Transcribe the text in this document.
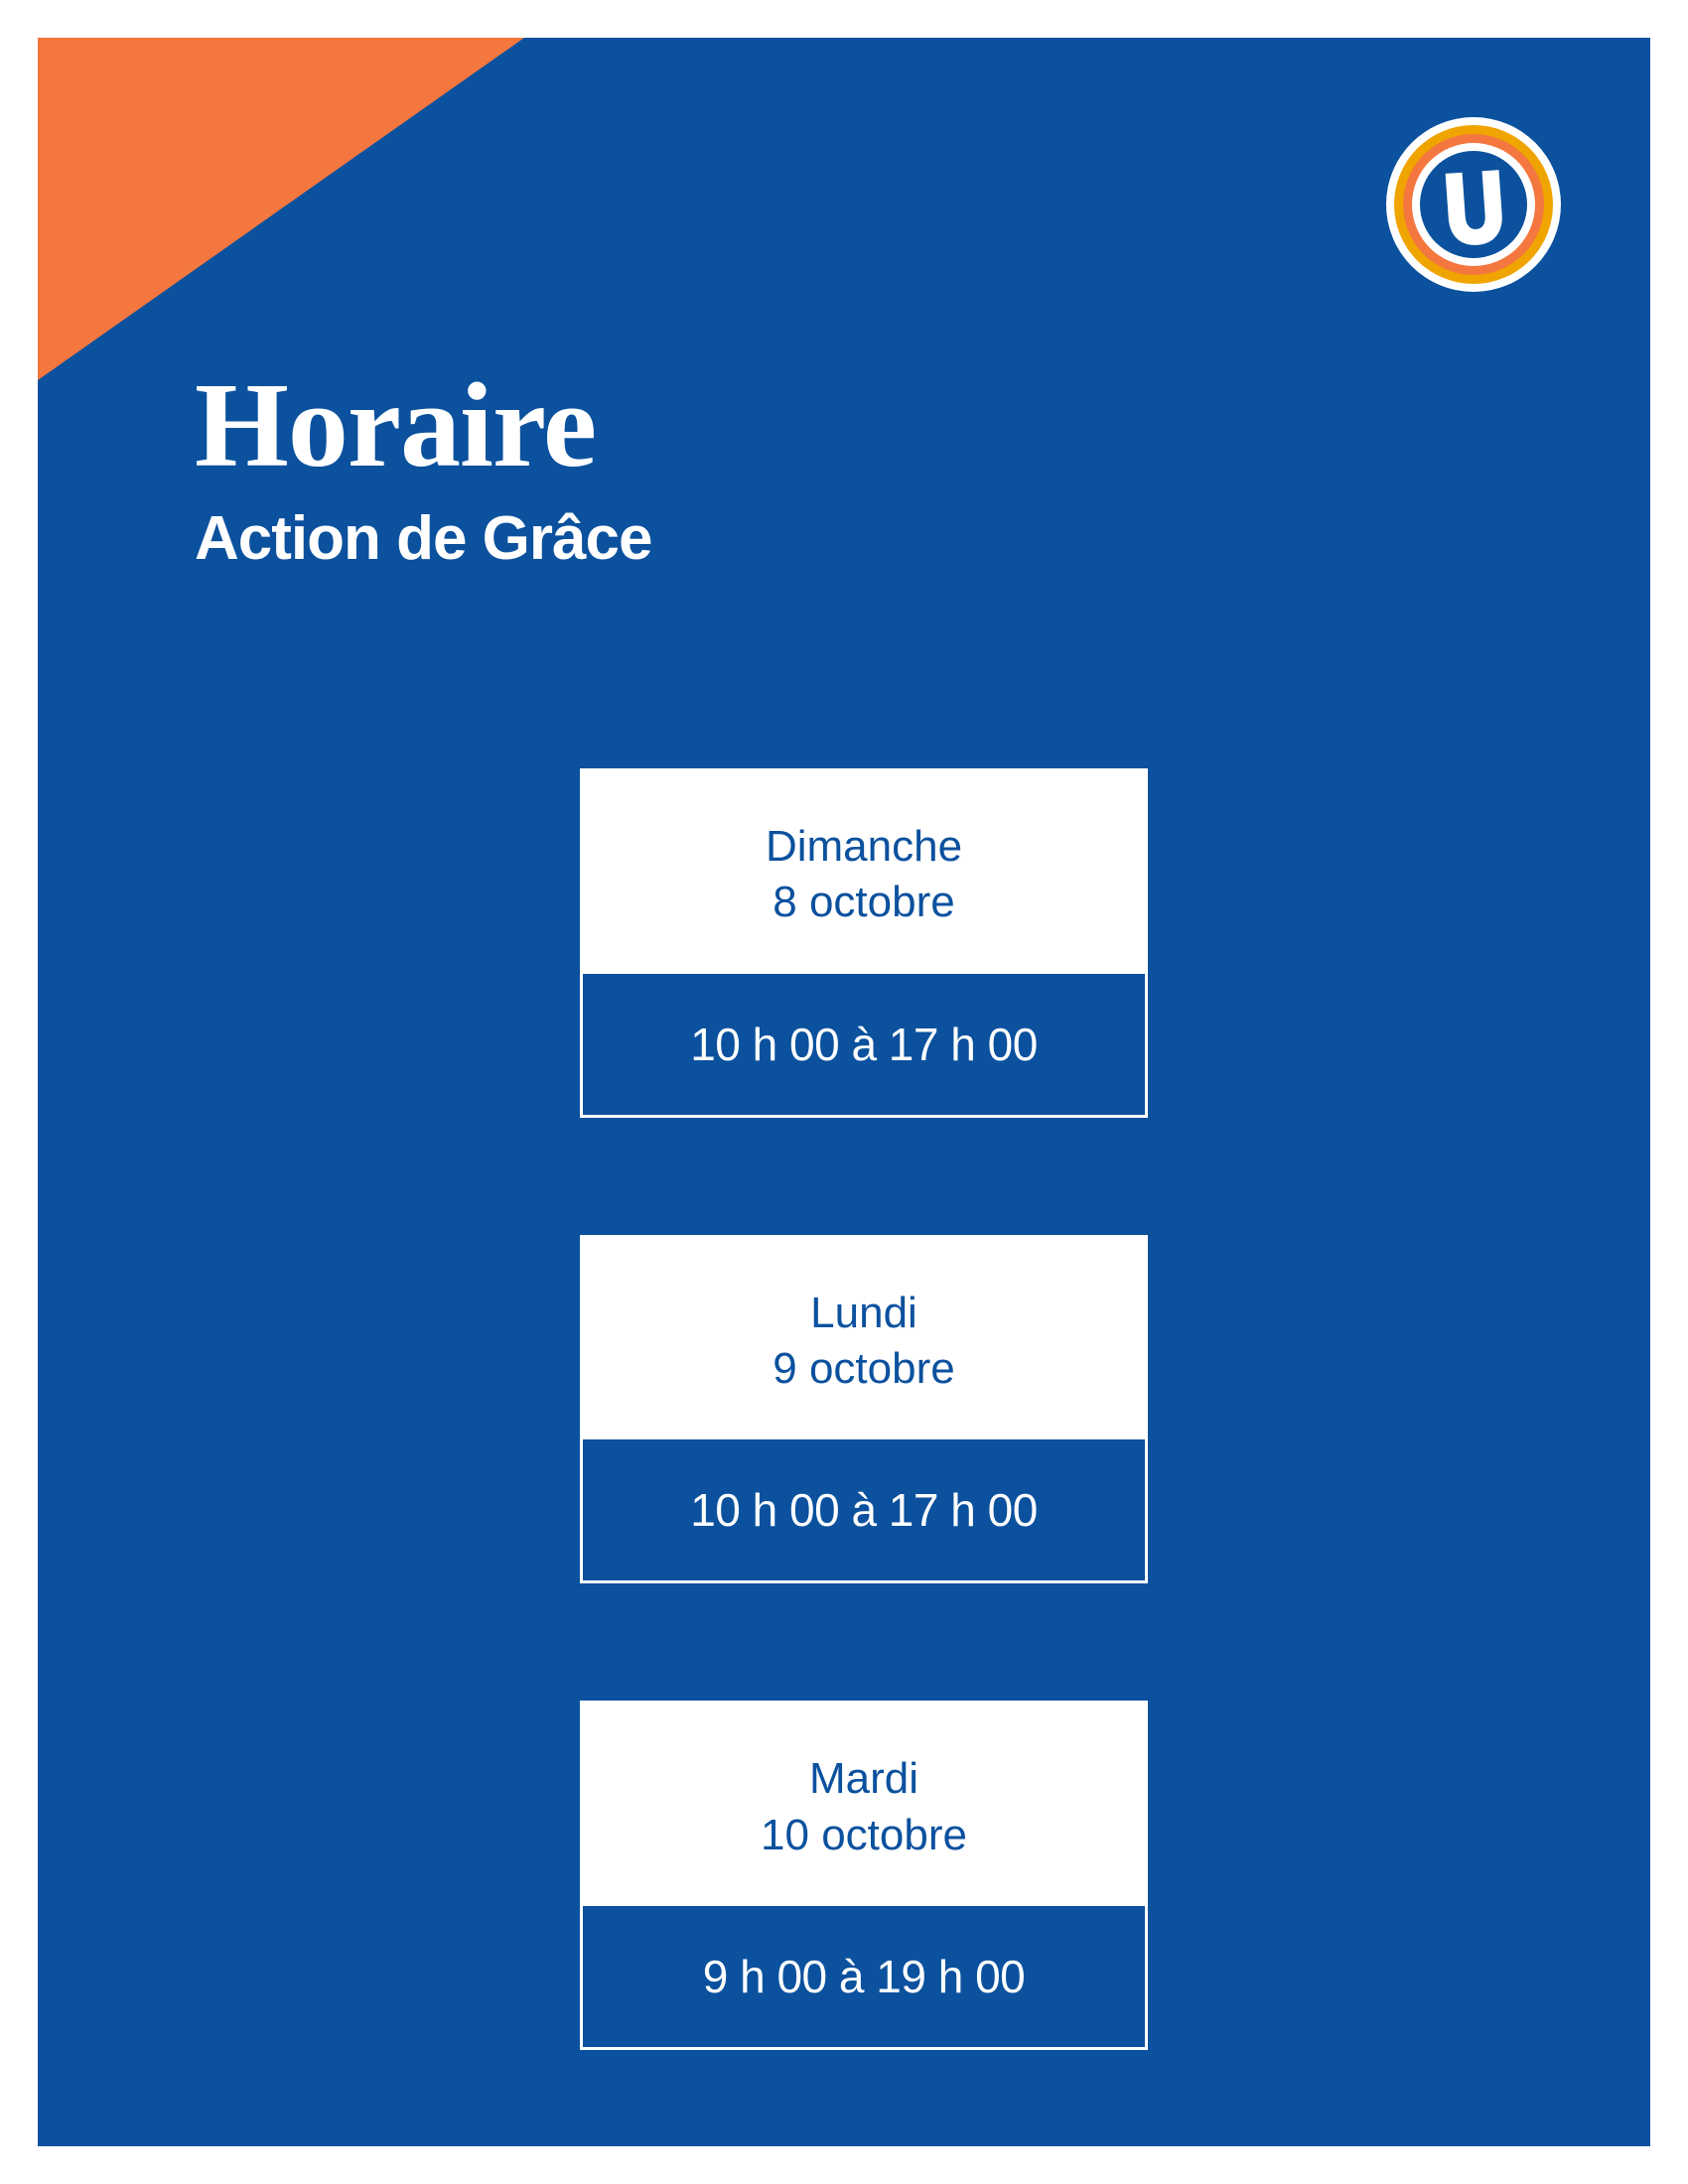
Horaire
Action de Grâce
Dimanche
8 octobre
10 h 00 à 17 h 00
Lundi
9 octobre
10 h 00 à 17 h 00
Mardi
10 octobre
9 h 00 à 19 h 00
